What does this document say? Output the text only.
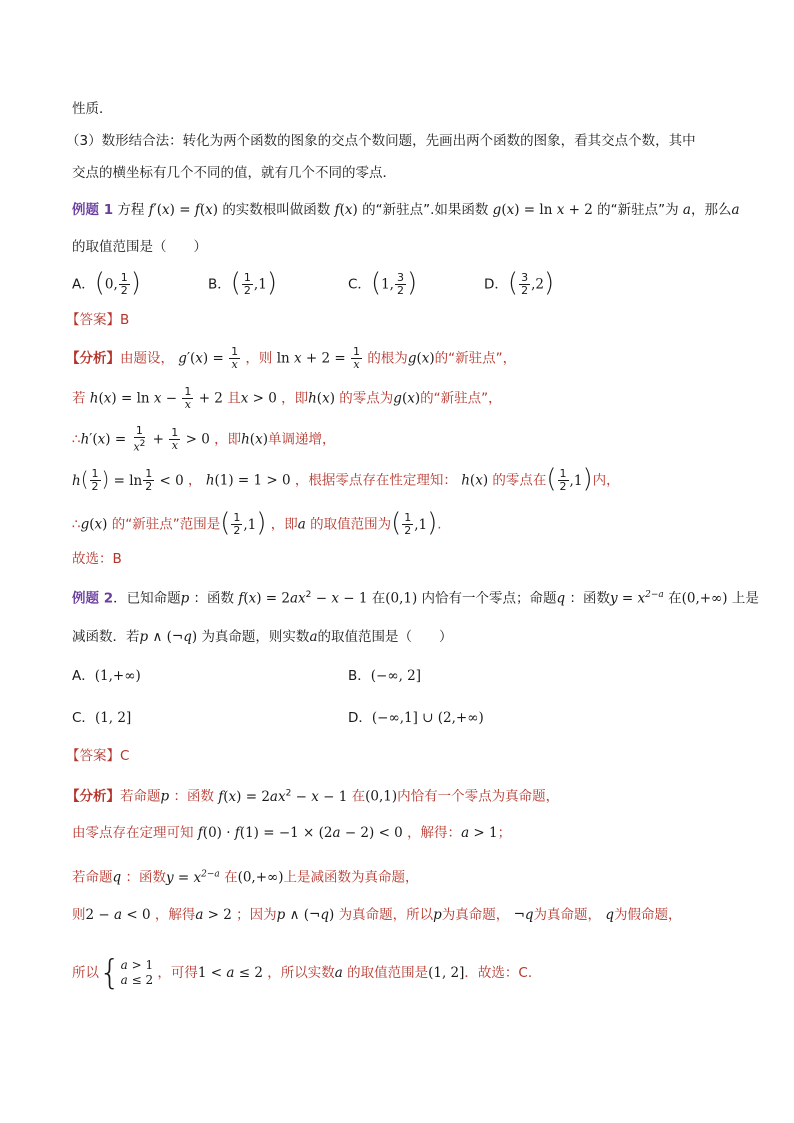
性质．
（3）数形结合法：转化为两个函数的图象的交点个数问题，先画出两个函数的图象，看其交点个数，其中
交点的横坐标有几个不同的值，就有几个不同的零点．
例题 1 方程 f′(x) = f(x) 的实数根叫做函数 f(x) 的“新驻点”.如果函数 g(x) = ln x + 2 的“新驻点”为 a，那么a
的取值范围是（　　）
A．(0, $\frac{1}{2}$ )	B．( $\frac{1}{2} ,1$)	C．(1, $\frac{3}{2}$ )	D．( $\frac{3}{2} ,2$)
【答案】B
【分析】由题设， $g'(x) = \frac{1}{x}$ ，则 $\ln x + 2 = \frac{1}{x}$ 的根为g(x)的“新驻点”，
若 $h(x) = \ln x - \frac{1}{x} + 2$ 且x > 0 ，即h(x) 的零点为g(x)的“新驻点”，
∴h′(x) = $\frac{1}{x^2} + \frac{1}{x} > 0$ ，即h(x)单调递增，
$h( \frac{1}{2}$ ) = $\ln \frac{1}{2} < 0$ ， h(1) = 1 > 0 ，根据零点存在性定理知： h(x) 的零点在( $\frac{1}{2} ,1$)内，
∴g(x) 的“新驻点”范围是( $\frac{1}{2} ,1$) ，即a 的取值范围为( $\frac{1}{2} ,1$).
故选：B
例题 2．已知命题p ：函数 $f(x) = 2ax^2 - x - 1$ 在(0,1) 内恰有一个零点；命题q ：函数$y = x^{2-a}$ 在(0,+∞) 上是
减函数．若p ∧ (¬q) 为真命题，则实数a的取值范围是（　　）
A．(1,+∞)	B．(−∞, 2]
C．(1, 2]	D．(−∞,1] ∪ (2,+∞)
【答案】C
【分析】若命题p ：函数 $f(x) = 2ax^2 - x - 1$ 在(0,1)内恰有一个零点为真命题，
由零点存在定理可知 f(0) · f(1) = −1 × (2a − 2) < 0 ，解得：a > 1；
若命题q ：函数$y = x^{2-a}$ 在(0,+∞)上是减函数为真命题，
则2 − a < 0 ，解得a > 2 ；因为p ∧ (¬q) 为真命题，所以p为真命题， ¬q为真命题， q为假命题，
所以{ a > 1
a ≤ 2 ，可得1 < a ≤ 2 ，所以实数a 的取值范围是(1, 2]．故选：C.
